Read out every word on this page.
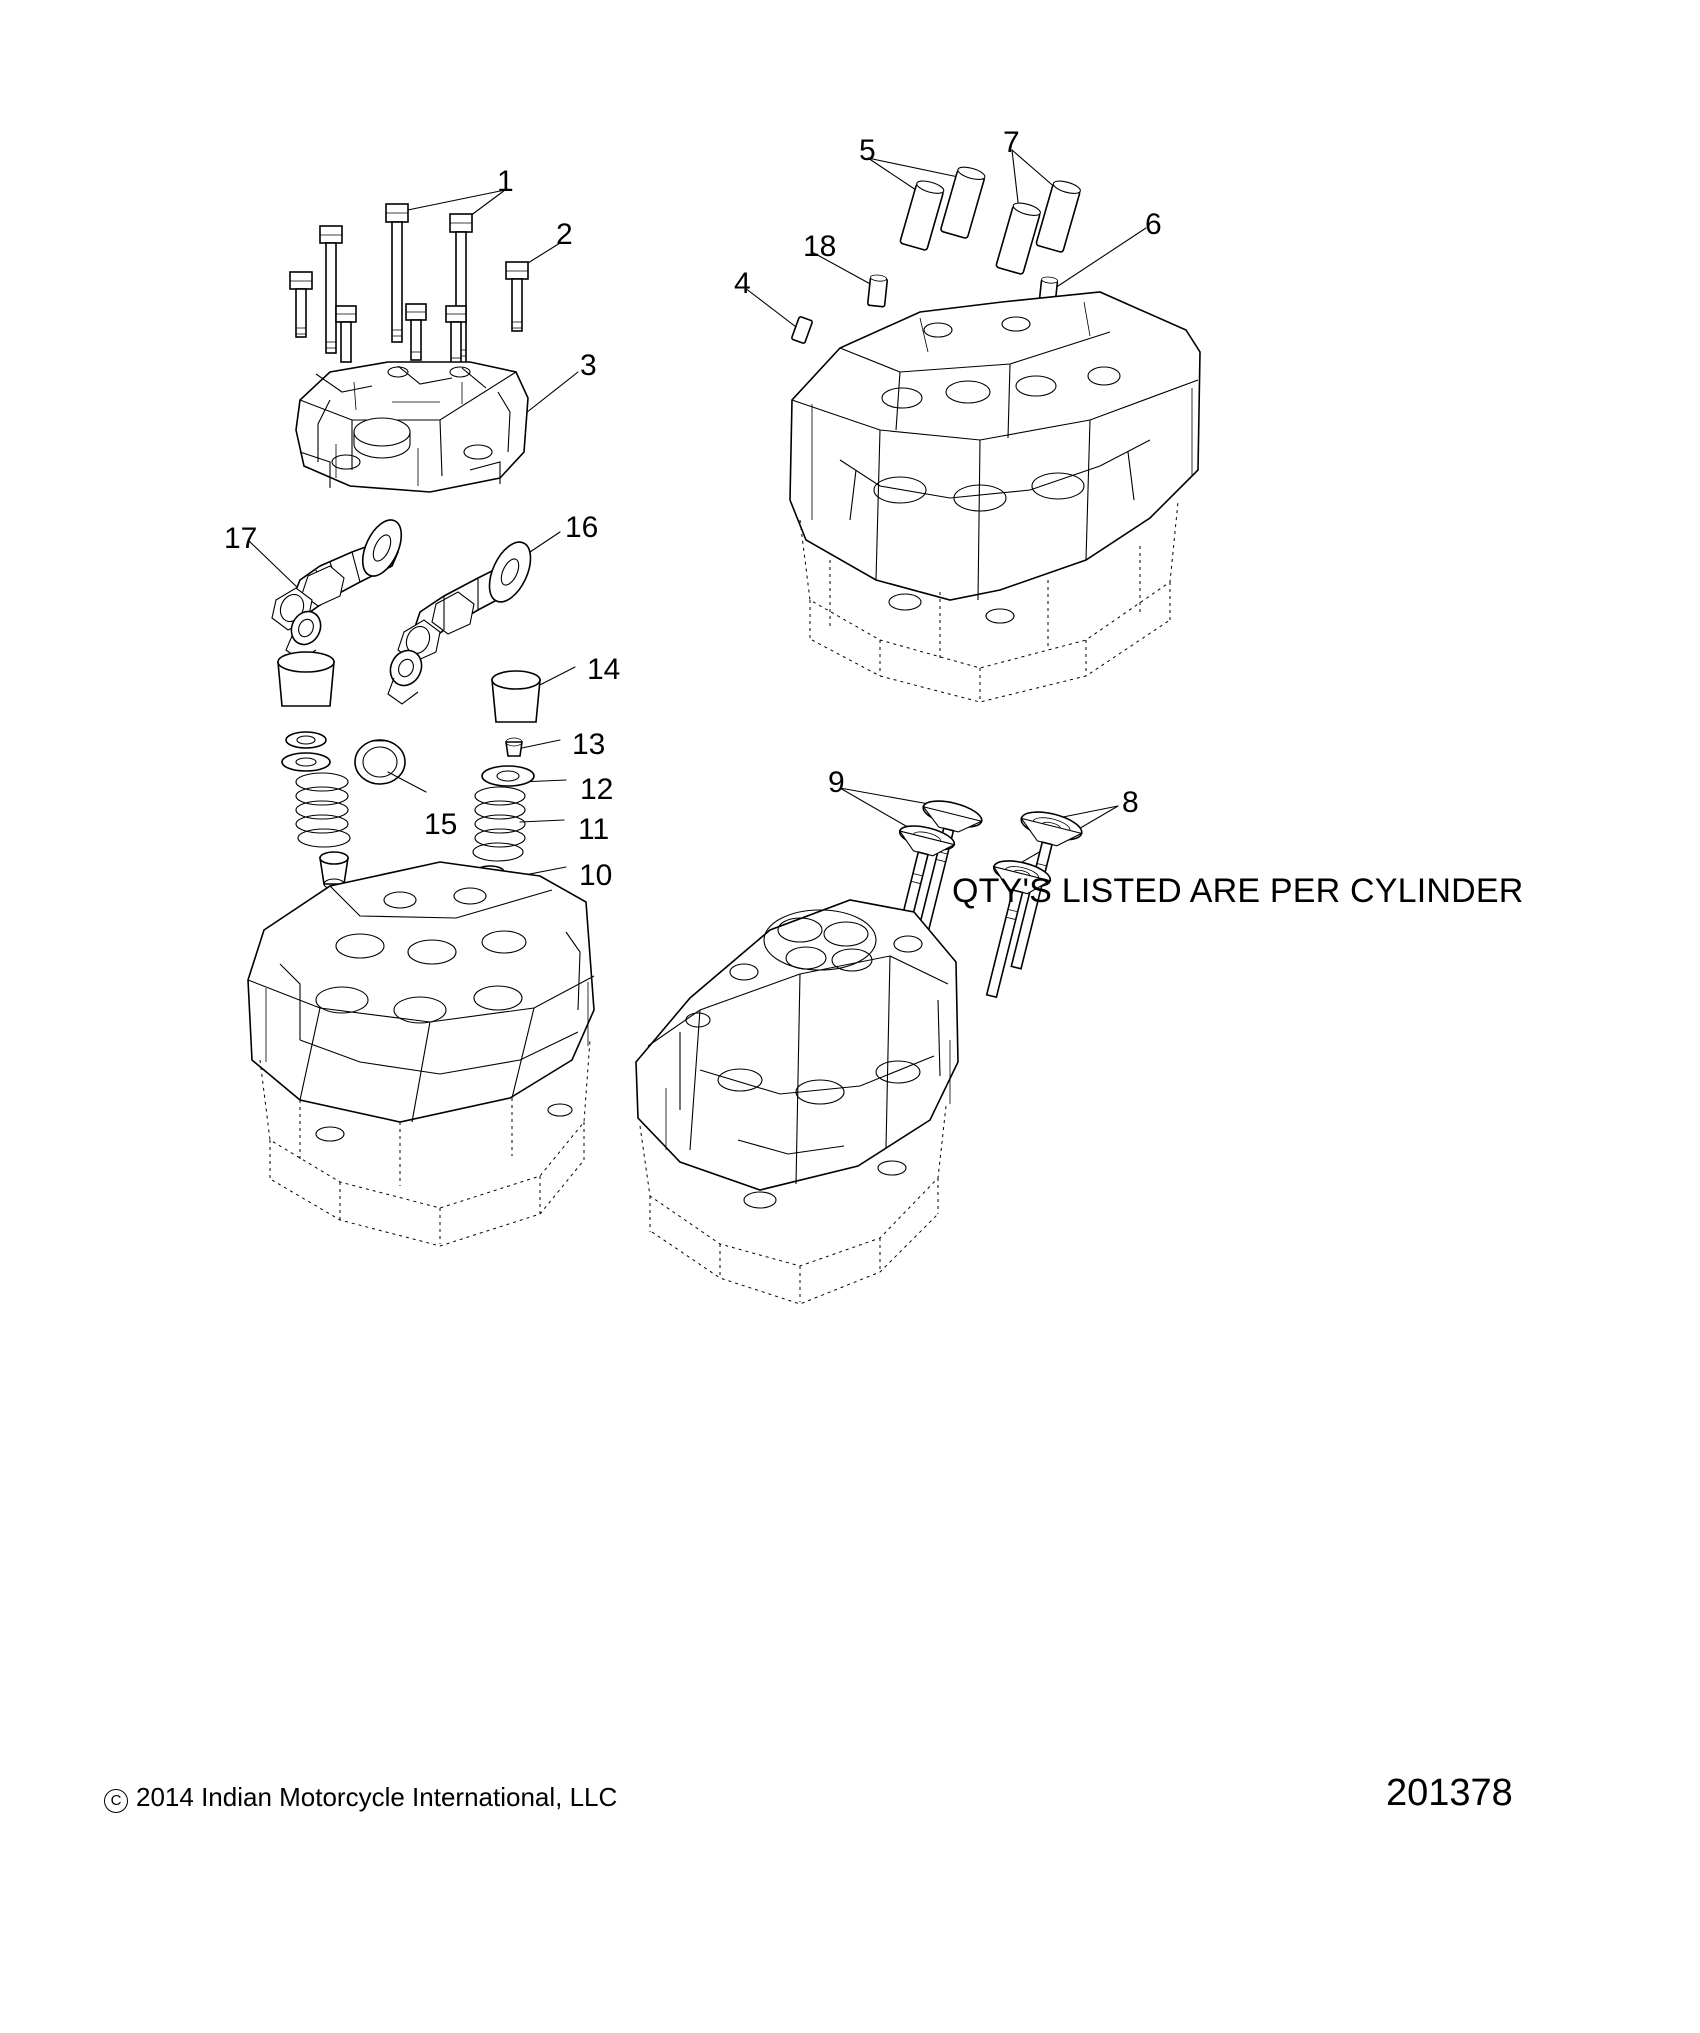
1
2
3
4
5
6
7
8
9
10
11
12
13
14
15
16
17
18
QTY'S LISTED ARE PER CYLINDER
C 2014 Indian Motorcycle International, LLC	201378
